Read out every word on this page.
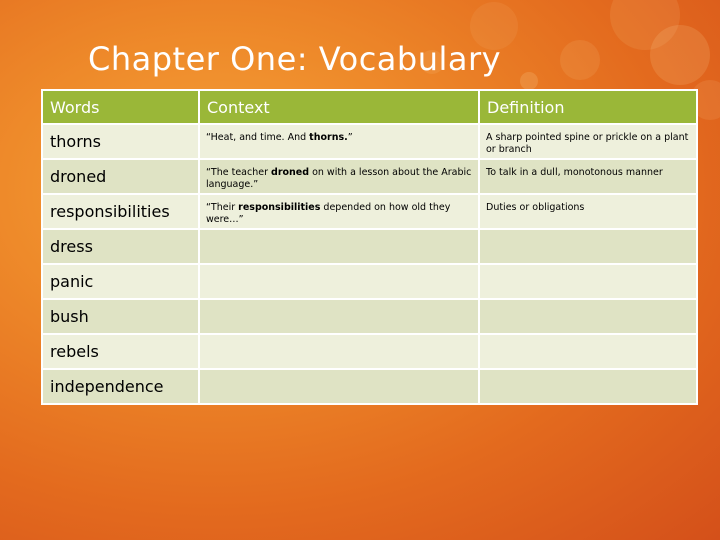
Chapter One: Vocabulary
Words	Context	Definition
thorns	“Heat, and time. And thorns.”	A sharp pointed spine or prickle on a plant or branch
droned	“The teacher droned on with a lesson about the Arabic language.”	To talk in a dull, monotonous manner
responsibilities	“Their responsibilities depended on how old they were…”	Duties or obligations
dress		
panic		
bush		
rebels		
independence		
